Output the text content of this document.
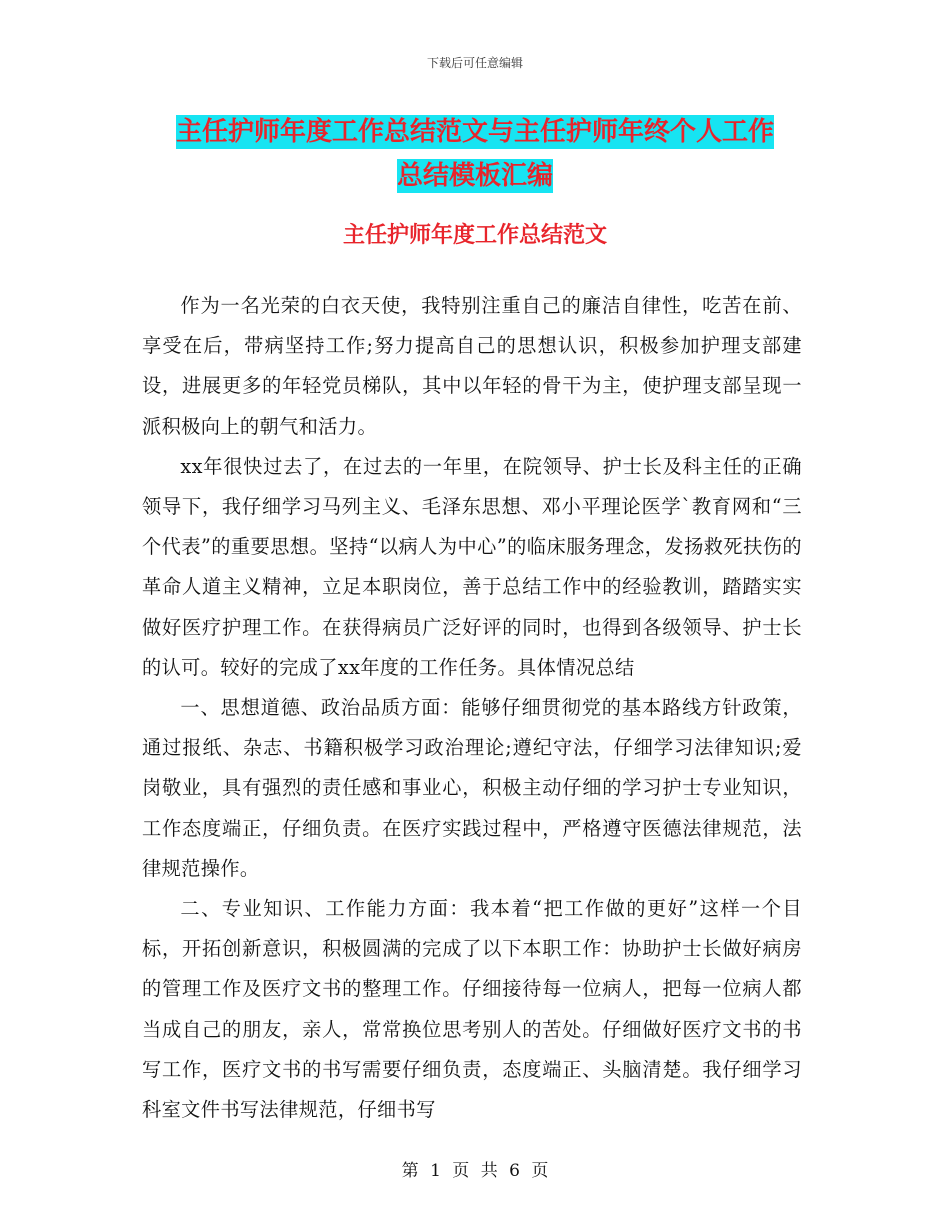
下载后可任意编辑
主任护师年度工作总结范文与主任护师年终个人工作
总结模板汇编
主任护师年度工作总结范文

作为一名光荣的白衣天使，我特别注重自己的廉洁自律性，吃苦在前、享受在后，带病坚持工作;努力提高自己的思想认识，积极参加护理支部建设，进展更多的年轻党员梯队，其中以年轻的骨干为主，使护理支部呈现一派积极向上的朝气和活力。

xx年很快过去了，在过去的一年里，在院领导、护士长及科主任的正确领导下，我仔细学习马列主义、毛泽东思想、邓小平理论医学`教育网和“三个代表”的重要思想。坚持“以病人为中心”的临床服务理念，发扬救死扶伤的革命人道主义精神，立足本职岗位，善于总结工作中的经验教训，踏踏实实做好医疗护理工作。在获得病员广泛好评的同时，也得到各级领导、护士长的认可。较好的完成了xx年度的工作任务。具体情况总结

一、思想道德、政治品质方面：能够仔细贯彻党的基本路线方针政策，通过报纸、杂志、书籍积极学习政治理论;遵纪守法，仔细学习法律知识;爱岗敬业，具有强烈的责任感和事业心，积极主动仔细的学习护士专业知识，工作态度端正，仔细负责。在医疗实践过程中，严格遵守医德法律规范，法律规范操作。

二、专业知识、工作能力方面：我本着“把工作做的更好”这样一个目标，开拓创新意识，积极圆满的完成了以下本职工作：协助护士长做好病房的管理工作及医疗文书的整理工作。仔细接待每一位病人，把每一位病人都当成自己的朋友，亲人，常常换位思考别人的苦处。仔细做好医疗文书的书写工作，医疗文书的书写需要仔细负责，态度端正、头脑清楚。我仔细学习科室文件书写法律规范，仔细书写

第 1 页 共 6 页
